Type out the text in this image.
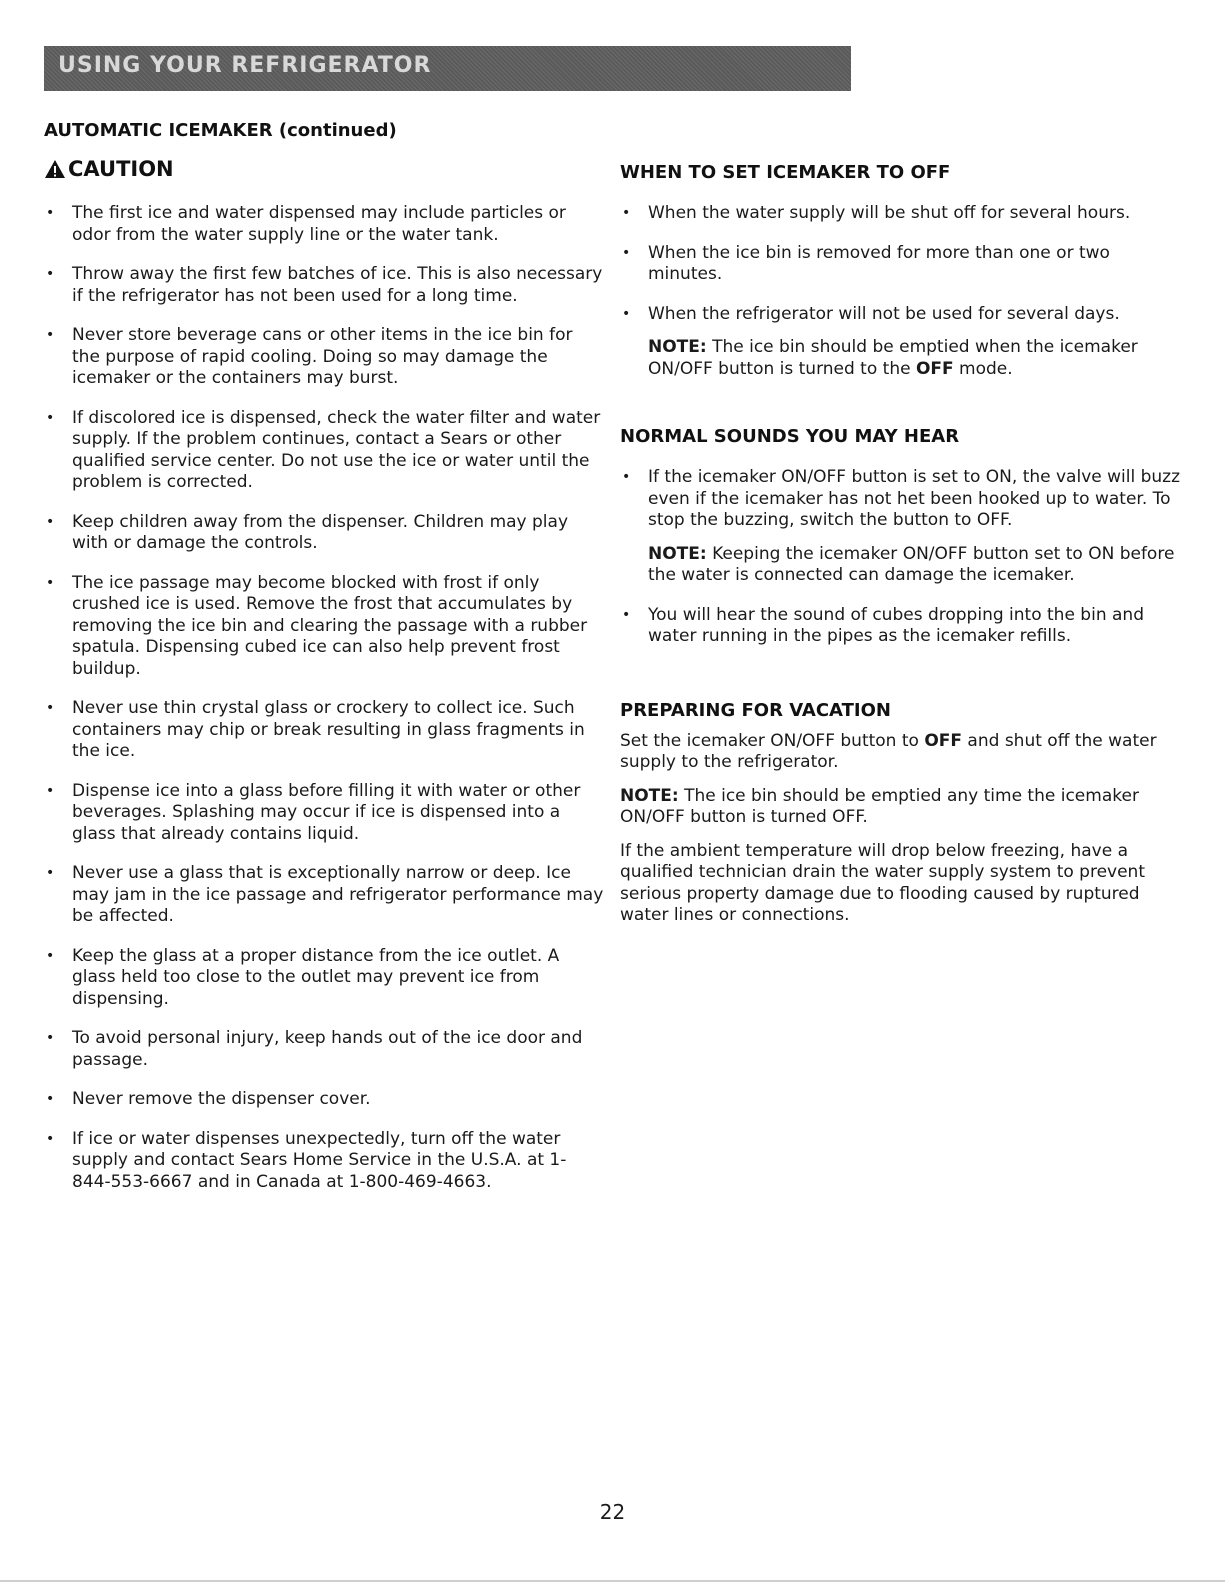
USING YOUR REFRIGERATOR
AUTOMATIC ICEMAKER (continued)
CAUTION
• The first ice and water dispensed may include particles or odor from the water supply line or the water tank.
• Throw away the first few batches of ice. This is also necessary if the refrigerator has not been used for a long time.
• Never store beverage cans or other items in the ice bin for the purpose of rapid cooling. Doing so may damage the icemaker or the containers may burst.
• If discolored ice is dispensed, check the water filter and water supply. If the problem continues, contact a Sears or other qualified service center. Do not use the ice or water until the problem is corrected.
• Keep children away from the dispenser. Children may play with or damage the controls.
• The ice passage may become blocked with frost if only crushed ice is used. Remove the frost that accumulates by removing the ice bin and clearing the passage with a rubber spatula. Dispensing cubed ice can also help prevent frost buildup.
• Never use thin crystal glass or crockery to collect ice. Such containers may chip or break resulting in glass fragments in the ice.
• Dispense ice into a glass before filling it with water or other beverages. Splashing may occur if ice is dispensed into a glass that already contains liquid.
• Never use a glass that is exceptionally narrow or deep. Ice may jam in the ice passage and refrigerator performance may be affected.
• Keep the glass at a proper distance from the ice outlet. A glass held too close to the outlet may prevent ice from dispensing.
• To avoid personal injury, keep hands out of the ice door and passage.
• Never remove the dispenser cover.
• If ice or water dispenses unexpectedly, turn off the water supply and contact Sears Home Service in the U.S.A. at 1-844-553-6667 and in Canada at 1-800-469-4663.
WHEN TO SET ICEMAKER TO OFF
• When the water supply will be shut off for several hours.
• When the ice bin is removed for more than one or two minutes.
• When the refrigerator will not be used for several days.

NOTE: The ice bin should be emptied when the icemaker ON/OFF button is turned to the OFF mode.

NORMAL SOUNDS YOU MAY HEAR
• If the icemaker ON/OFF button is set to ON, the valve will buzz even if the icemaker has not het been hooked up to water. To stop the buzzing, switch the button to OFF.

NOTE: Keeping the icemaker ON/OFF button set to ON before the water is connected can damage the icemaker.

• You will hear the sound of cubes dropping into the bin and water running in the pipes as the icemaker refills.
PREPARING FOR VACATION

Set the icemaker ON/OFF button to OFF and shut off the water supply to the refrigerator.

NOTE: The ice bin should be emptied any time the icemaker ON/OFF button is turned OFF.

If the ambient temperature will drop below freezing, have a qualified technician drain the water supply system to prevent serious property damage due to flooding caused by ruptured water lines or connections.

22
